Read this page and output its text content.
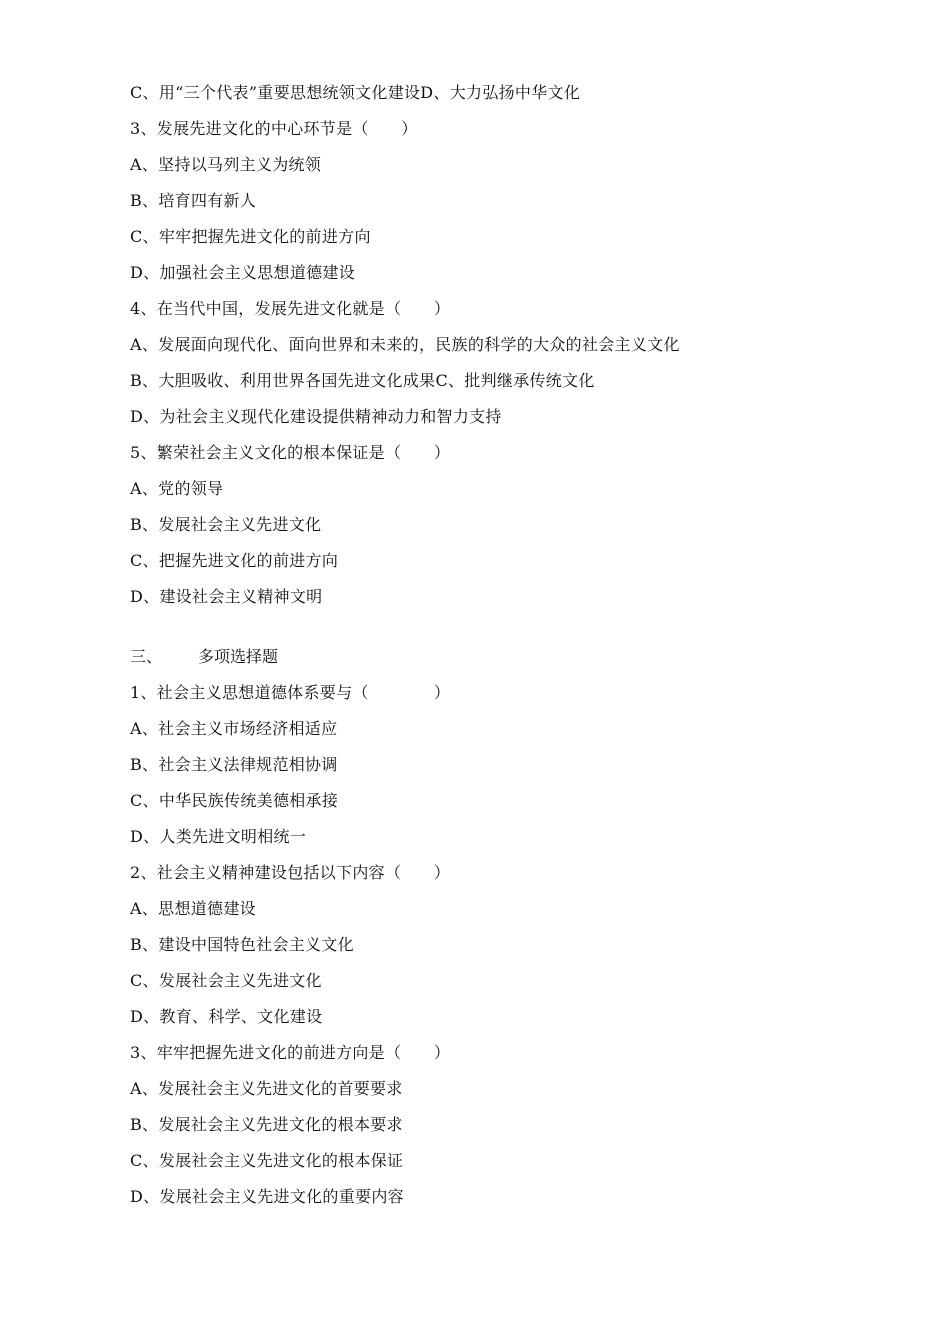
C、用“三个代表”重要思想统领文化建设D、大力弘扬中华文化
3、发展先进文化的中心环节是（　　）
A、坚持以马列主义为统领
B、培育四有新人
C、牢牢把握先进文化的前进方向
D、加强社会主义思想道德建设
4、在当代中国，发展先进文化就是（　　）
A、发展面向现代化、面向世界和未来的，民族的科学的大众的社会主义文化
B、大胆吸收、利用世界各国先进文化成果C、批判继承传统文化
D、为社会主义现代化建设提供精神动力和智力支持
5、繁荣社会主义文化的根本保证是（　　）
A、党的领导
B、发展社会主义先进文化
C、把握先进文化的前进方向
D、建设社会主义精神文明
三、 多项选择题
1、社会主义思想道德体系要与（　　　　）
A、社会主义市场经济相适应
B、社会主义法律规范相协调
C、中华民族传统美德相承接
D、人类先进文明相统一
2、社会主义精神建设包括以下内容（　　）
A、思想道德建设
B、建设中国特色社会主义文化
C、发展社会主义先进文化
D、教育、科学、文化建设
3、牢牢把握先进文化的前进方向是（　　）
A、发展社会主义先进文化的首要要求
B、发展社会主义先进文化的根本要求
C、发展社会主义先进文化的根本保证
D、发展社会主义先进文化的重要内容
